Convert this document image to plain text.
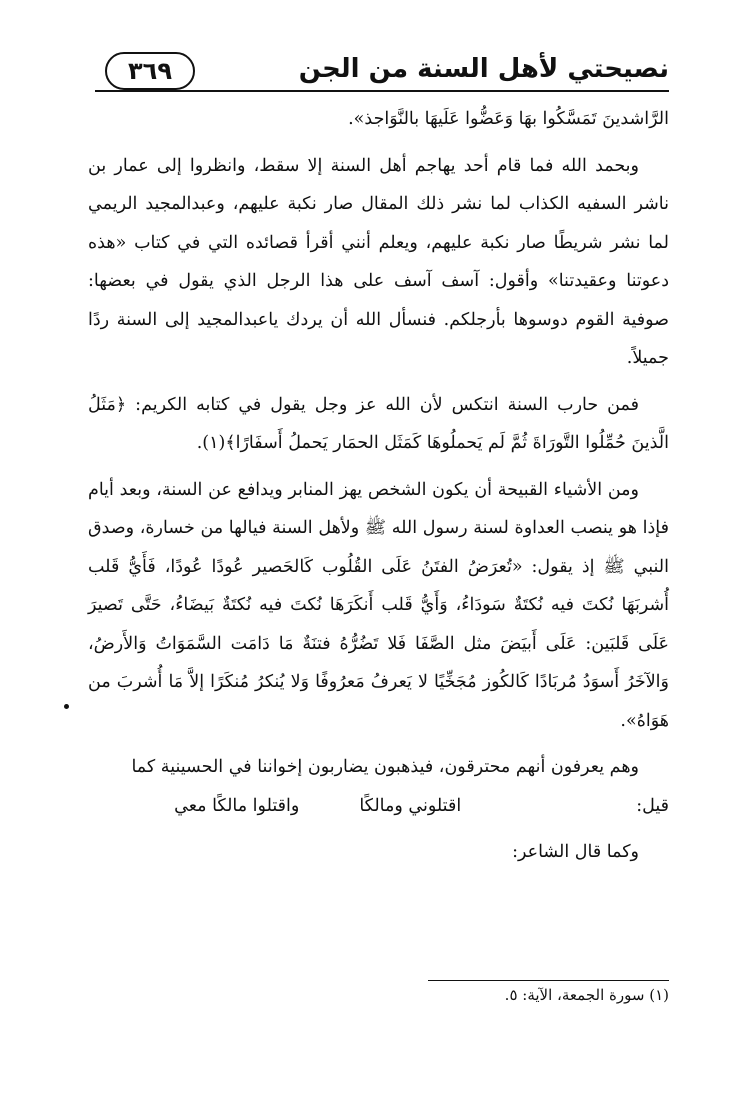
نصيحتي لأهل السنة من الجن
٣٦٩

الرَّاشدينَ تَمَسَّكُوا بهَا وَعَضُّوا عَلَيهَا بالنَّوَاجذ».

وبحمد الله فما قام أحد يهاجم أهل السنة إلا سقط، وانظروا إلى عمار بن ناشر السفيه الكذاب لما نشر ذلك المقال صار نكبة عليهم، وعبدالمجيد الريمي لما نشر شريطًا صار نكبة عليهم، ويعلم أنني أقرأ قصائده التي في كتاب «هذه دعوتنا وعقيدتنا» وأقول: آسف آسف على هذا الرجل الذي يقول في بعضها: صوفية القوم دوسوها بأرجلكم. فنسأل الله أن يردك ياعبدالمجيد إلى السنة ردًا جميلاً.

فمن حارب السنة انتكس لأن الله عز وجل يقول في كتابه الكريم: ﴿مَثَلُ الَّذينَ حُمِّلُوا التَّورَاةَ ثُمَّ لَم يَحملُوهَا كَمَثَل الحمَار يَحملُ أَسفَارًا﴾(١).

ومن الأشياء القبيحة أن يكون الشخص يهز المنابر ويدافع عن السنة، وبعد أيام فإذا هو ينصب العداوة لسنة رسول الله ﷺ ولأهل السنة فيالها من خسارة، وصدق النبي ﷺ إذ يقول: «تُعرَضُ الفتَنُ عَلَى القُلُوب كَالحَصير عُودًا عُودًا، فَأَيُّ قَلب أُشربَهَا نُكتَ فيه نُكتَةٌ سَودَاءُ، وَأَيُّ قَلب أَنكَرَهَا نُكتَ فيه نُكتَةٌ بَيضَاءُ، حَتَّى تَصيرَ عَلَى قَلبَين: عَلَى أَبيَضَ مثل الصَّفَا فَلا تَضُرُّهُ فتنَةٌ مَا دَامَت السَّمَوَاتُ وَالأَرضُ، وَالآخَرُ أَسوَدُ مُربَادًا كَالكُوز مُجَخِّيًا لا يَعرفُ مَعرُوفًا وَلا يُنكرُ مُنكَرًا إلاَّ مَا أُشربَ من هَوَاهُ».

وهم يعرفون أنهم محترقون، فيذهبون يضاربون إخواننا في الحسينية كما

قيل:
اقتلوني ومالكًا
واقتلوا مالكًا معي

وكما قال الشاعر:

(١) سورة الجمعة، الآية: ٥.
